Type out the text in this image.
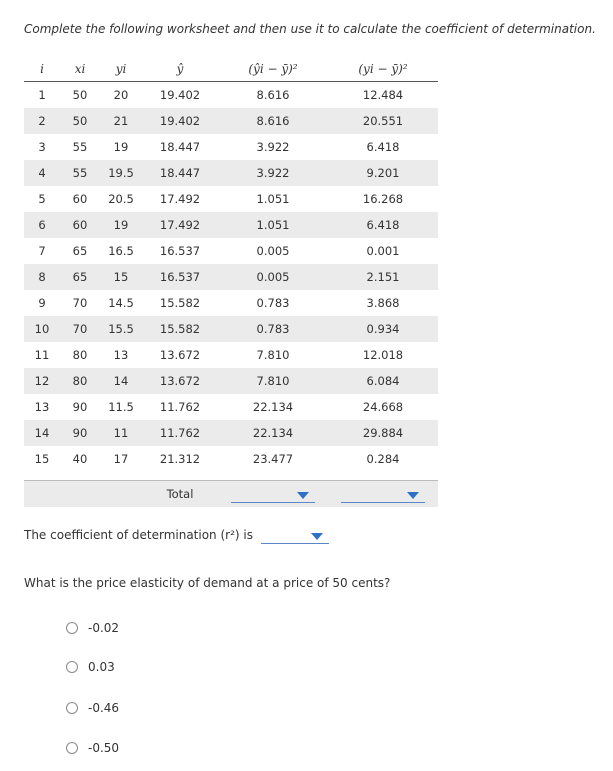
Complete the following worksheet and then use it to calculate the coefficient of determination.
i	xi	yi	ŷ	(ŷi − ȳ)²	(yi − ȳ)²
1	50	20	19.402	8.616	12.484
2	50	21	19.402	8.616	20.551
3	55	19	18.447	3.922	6.418
4	55	19.5	18.447	3.922	9.201
5	60	20.5	17.492	1.051	16.268
6	60	19	17.492	1.051	6.418
7	65	16.5	16.537	0.005	0.001
8	65	15	16.537	0.005	2.151
9	70	14.5	15.582	0.783	3.868
10	70	15.5	15.582	0.783	0.934
11	80	13	13.672	7.810	12.018
12	80	14	13.672	7.810	6.084
13	90	11.5	11.762	22.134	24.668
14	90	11	11.762	22.134	29.884
15	40	17	21.312	23.477	0.284

			Total	

The coefficient of determination (r²) is
What is the price elasticity of demand at a price of 50 cents?
-0.02
0.03
-0.46
-0.50
